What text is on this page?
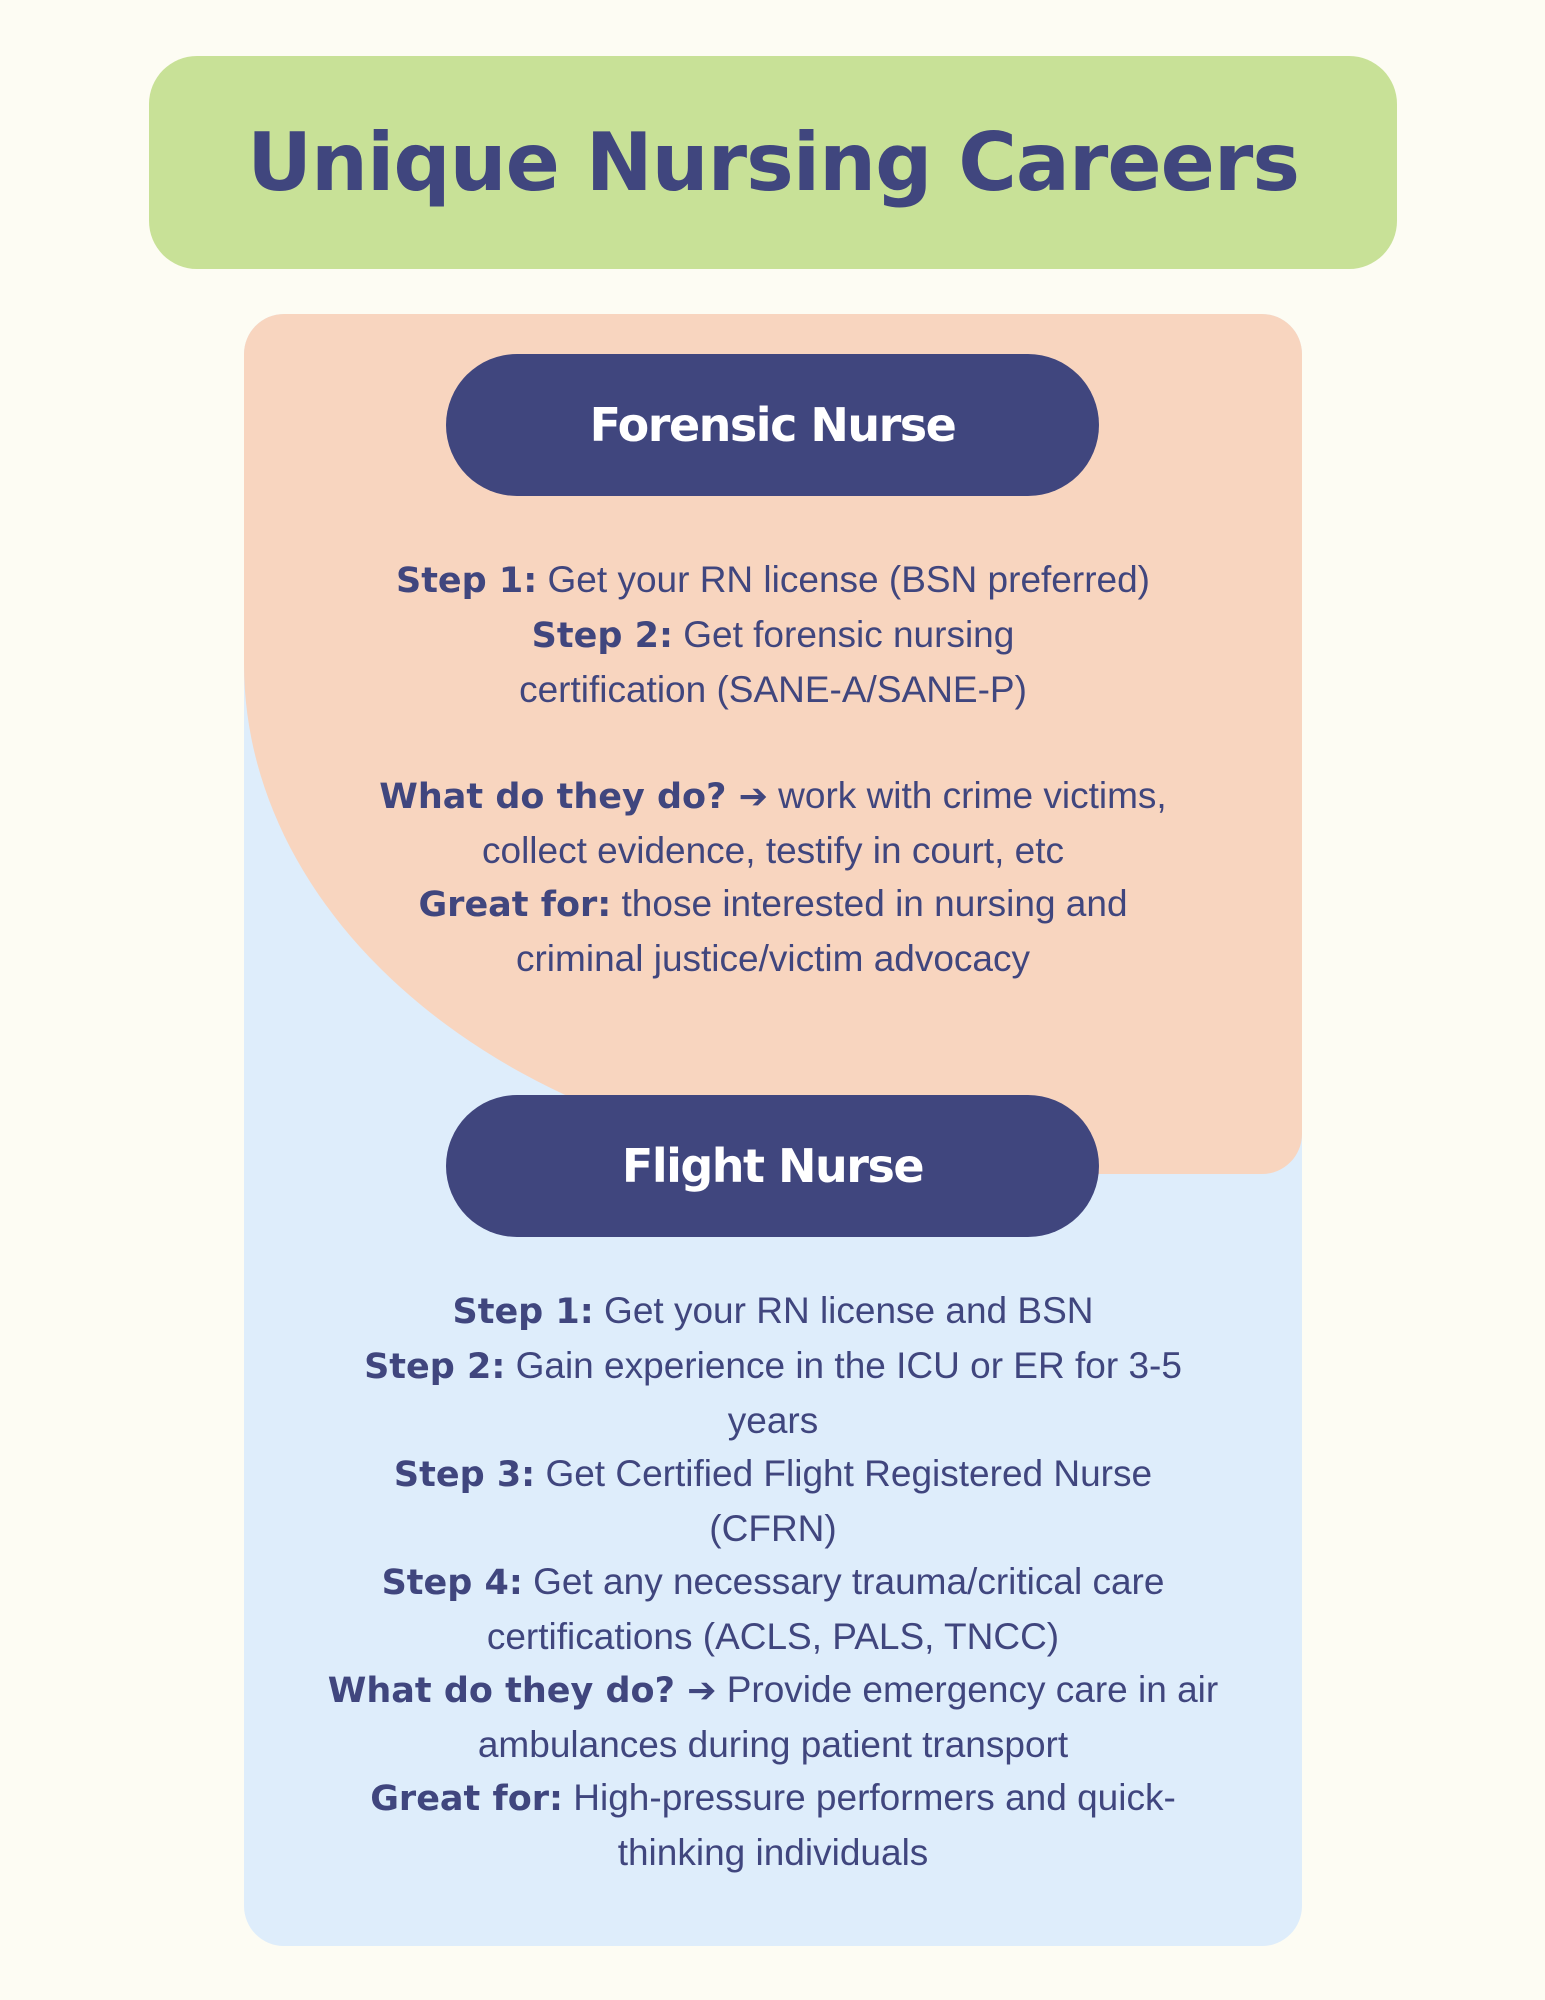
Unique Nursing Careers
Forensic Nurse

Step 1: Get your RN license (BSN preferred)

Step 2: Get forensic nursing certification (SANE-A/SANE-P)

What do they do? ➔ work with crime victims, collect evidence, testify in court, etc

Great for: those interested in nursing and criminal justice/victim advocacy

Flight Nurse

Step 1: Get your RN license and BSN

Step 2: Gain experience in the ICU or ER for 3-5 years

Step 3: Get Certified Flight Registered Nurse (CFRN)

Step 4: Get any necessary trauma/critical care certifications (ACLS, PALS, TNCC)

What do they do? ➔ Provide emergency care in air ambulances during patient transport

Great for: High-pressure performers and quick-thinking individuals
